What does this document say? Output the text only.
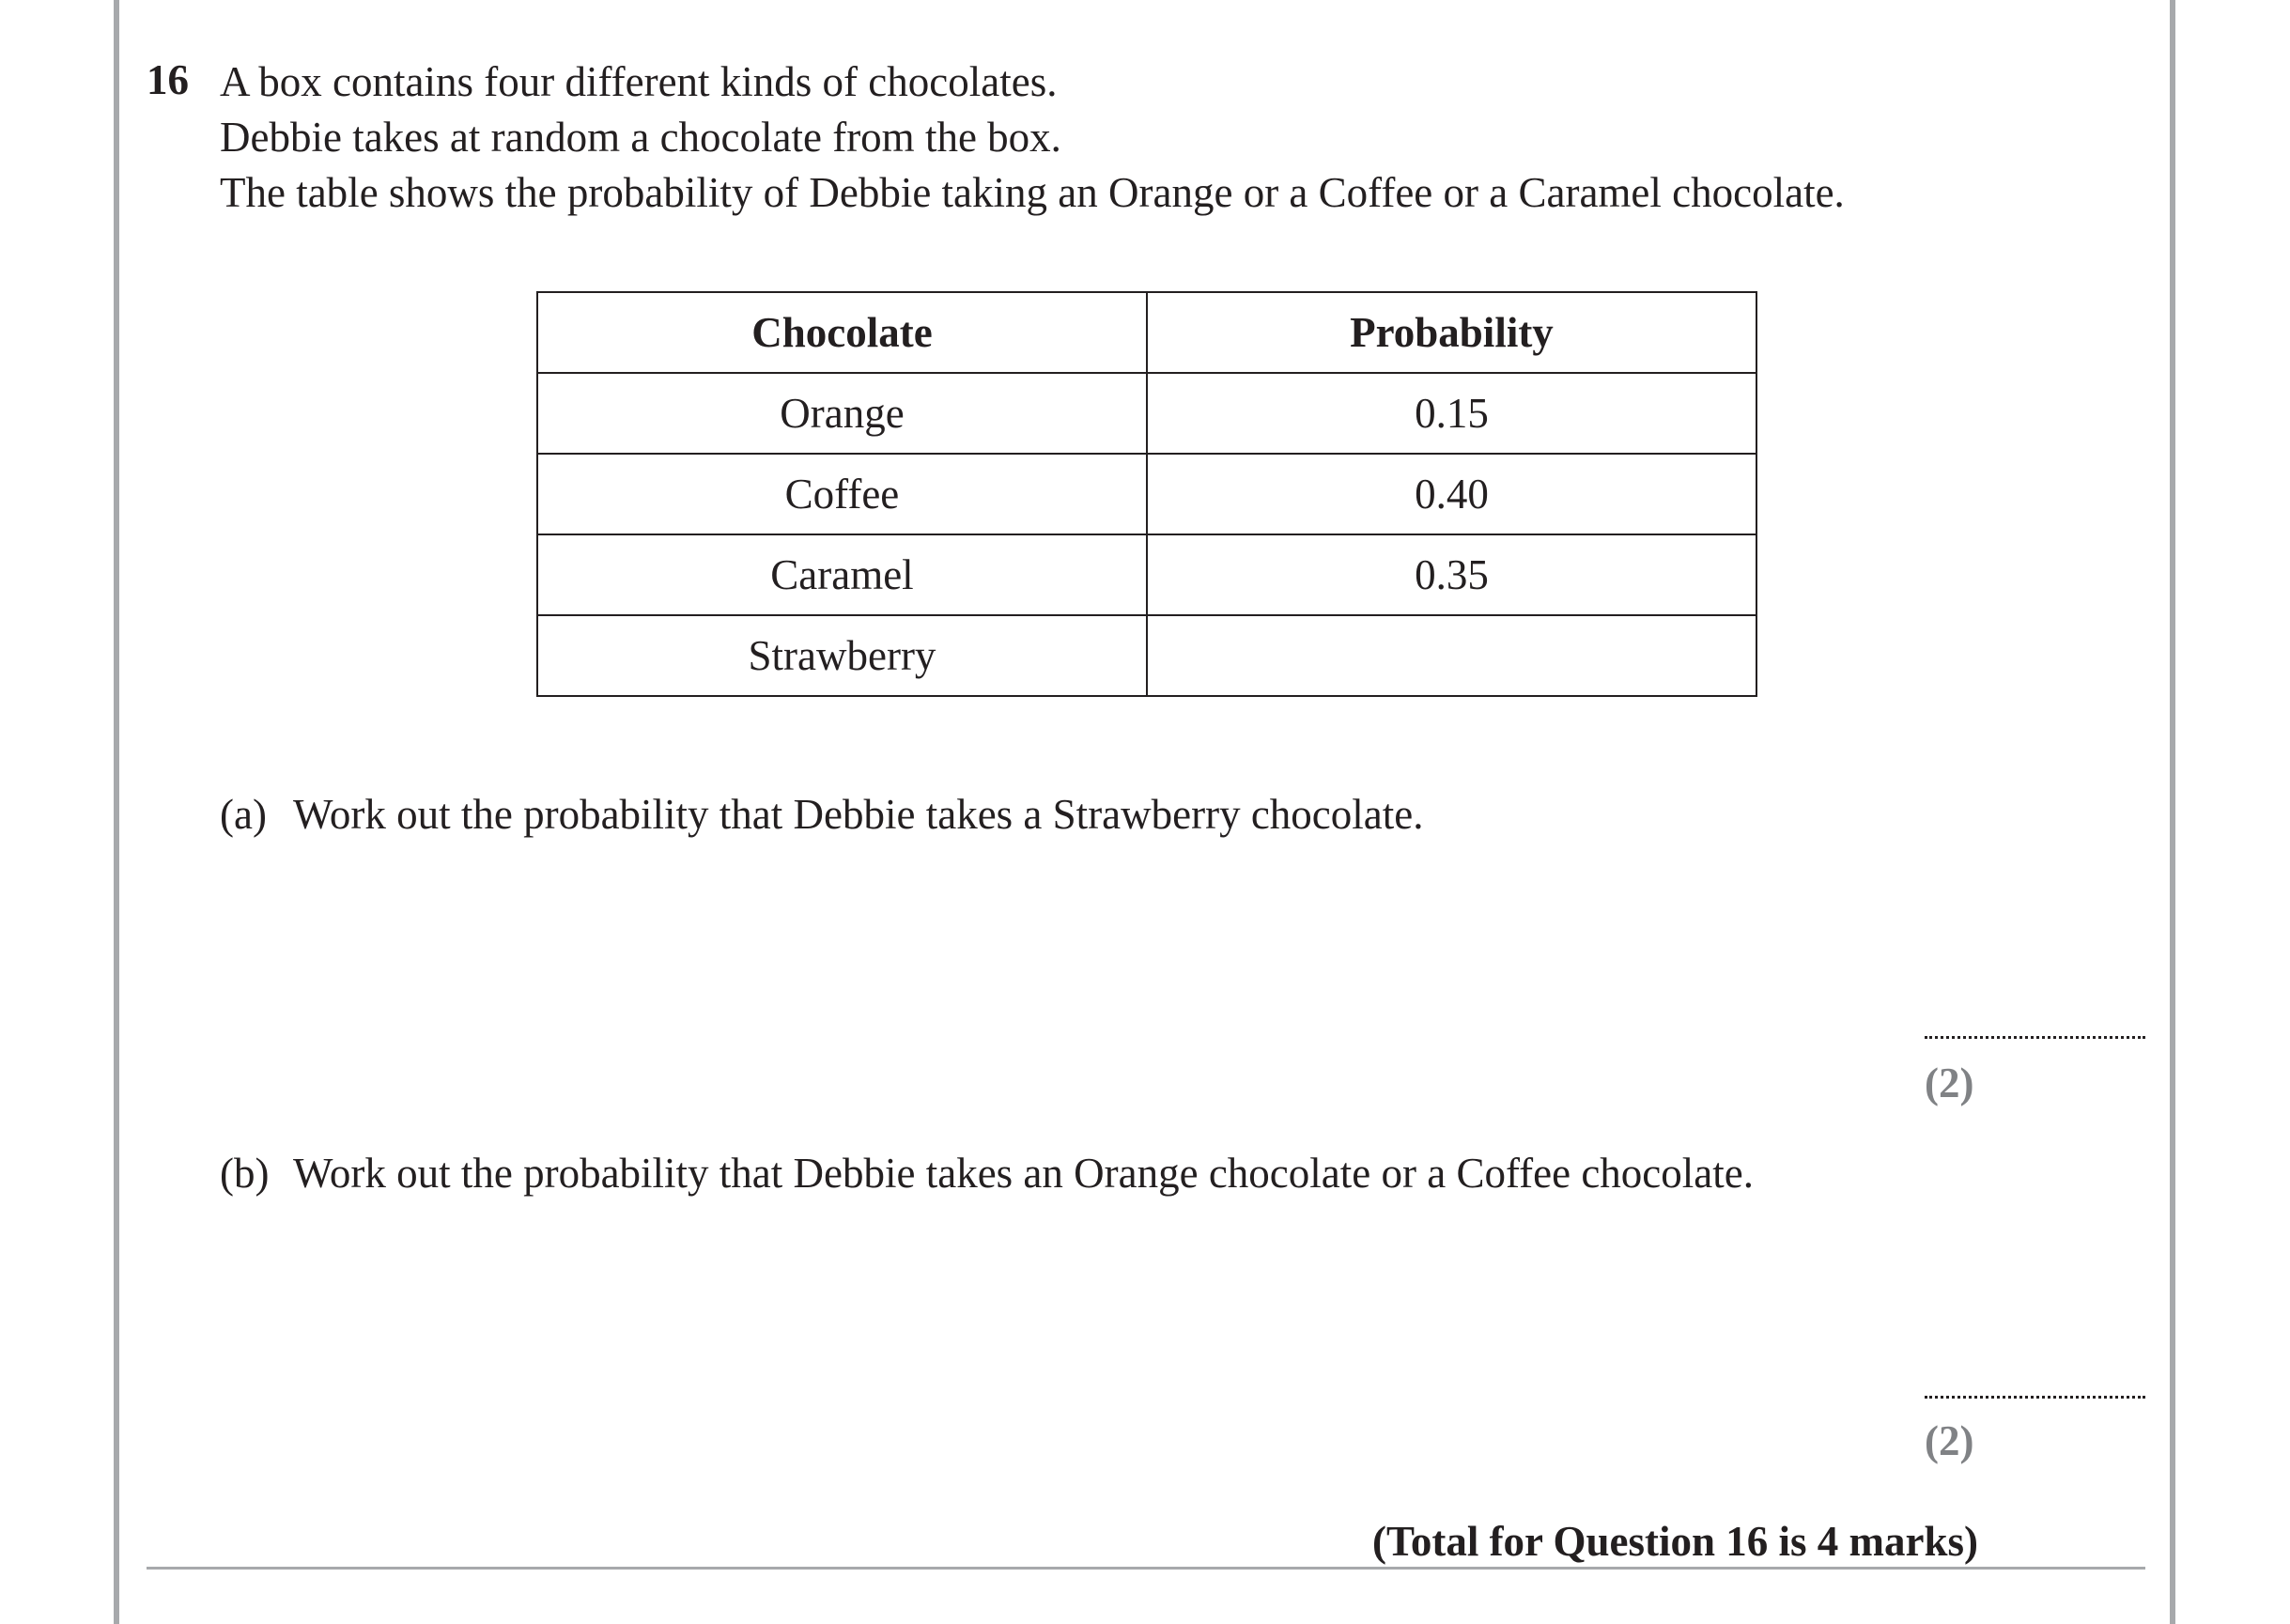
16 A box contains four different kinds of chocolates.
Debbie takes at random a chocolate from the box.
The table shows the probability of Debbie taking an Orange or a Coffee or a Caramel chocolate.
Chocolate	Probability
Orange	0.15
Coffee	0.40
Caramel	0.35
Strawberry	
(a) Work out the probability that Debbie takes a Strawberry chocolate.
(2)
(b) Work out the probability that Debbie takes an Orange chocolate or a Coffee chocolate.
(2)
(Total for Question 16 is 4 marks)
